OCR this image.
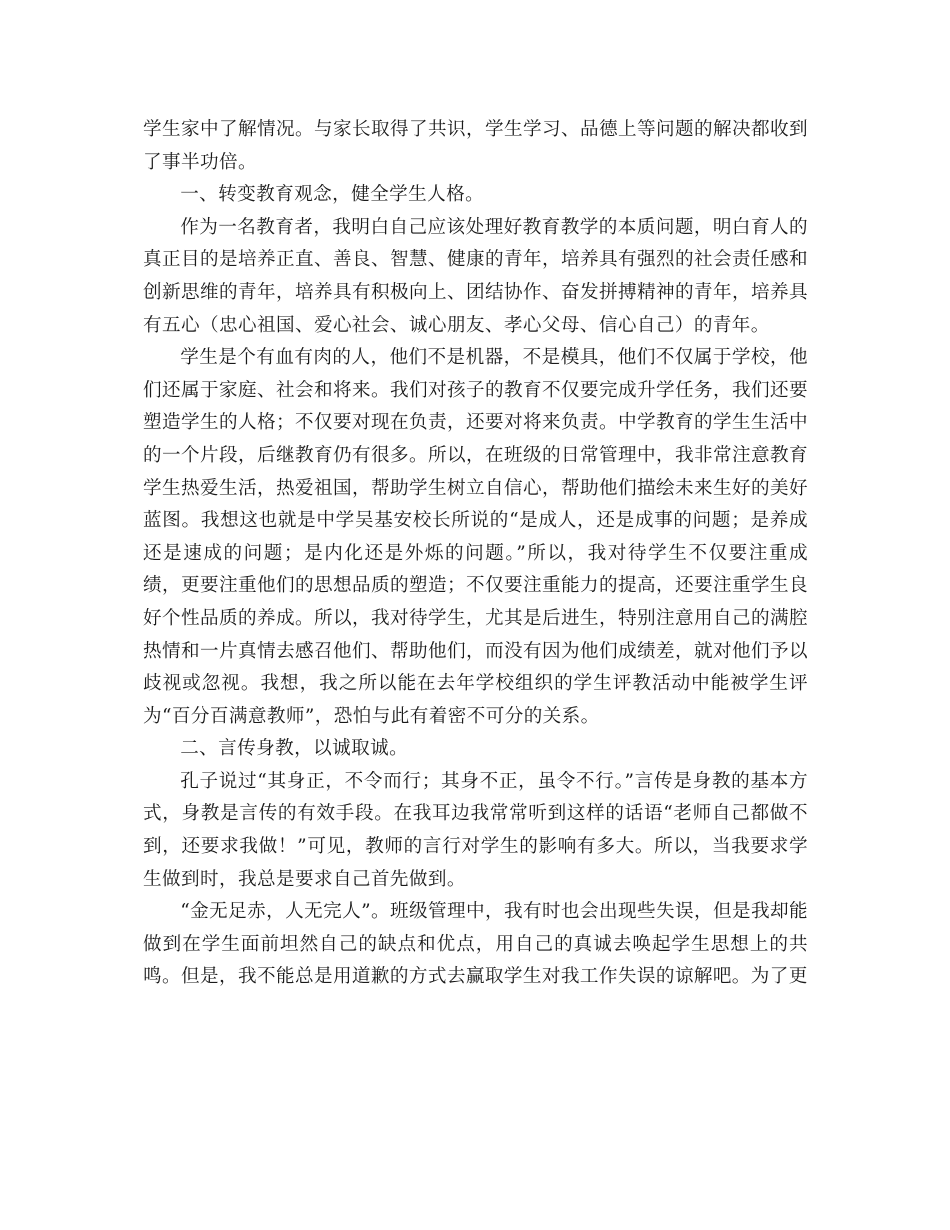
学生家中了解情况。与家长取得了共识，学生学习、品德上等问题的解决都收到了事半功倍。

一、转变教育观念，健全学生人格。

作为一名教育者，我明白自己应该处理好教育教学的本质问题，明白育人的真正目的是培养正直、善良、智慧、健康的青年，培养具有强烈的社会责任感和创新思维的青年，培养具有积极向上、团结协作、奋发拼搏精神的青年，培养具有五心（忠心祖国、爱心社会、诚心朋友、孝心父母、信心自己）的青年。

学生是个有血有肉的人，他们不是机器，不是模具，他们不仅属于学校，他们还属于家庭、社会和将来。我们对孩子的教育不仅要完成升学任务，我们还要塑造学生的人格；不仅要对现在负责，还要对将来负责。中学教育的学生生活中的一个片段，后继教育仍有很多。所以，在班级的日常管理中，我非常注意教育学生热爱生活，热爱祖国，帮助学生树立自信心，帮助他们描绘未来生好的美好蓝图。我想这也就是中学吴基安校长所说的“是成人，还是成事的问题；是养成还是速成的问题；是内化还是外烁的问题。”所以，我对待学生不仅要注重成绩，更要注重他们的思想品质的塑造；不仅要注重能力的提高，还要注重学生良好个性品质的养成。所以，我对待学生，尤其是后进生，特别注意用自己的满腔热情和一片真情去感召他们、帮助他们，而没有因为他们成绩差，就对他们予以歧视或忽视。我想，我之所以能在去年学校组织的学生评教活动中能被学生评为“百分百满意教师”，恐怕与此有着密不可分的关系。

二、言传身教，以诚取诚。

孔子说过“其身正，不令而行；其身不正，虽令不行。”言传是身教的基本方式，身教是言传的有效手段。在我耳边我常常听到这样的话语“老师自己都做不到，还要求我做！”可见，教师的言行对学生的影响有多大。所以，当我要求学生做到时，我总是要求自己首先做到。

“金无足赤，人无完人”。班级管理中，我有时也会出现些失误，但是我却能做到在学生面前坦然自己的缺点和优点，用自己的真诚去唤起学生思想上的共鸣。但是，我不能总是用道歉的方式去赢取学生对我工作失误的谅解吧。为了更
